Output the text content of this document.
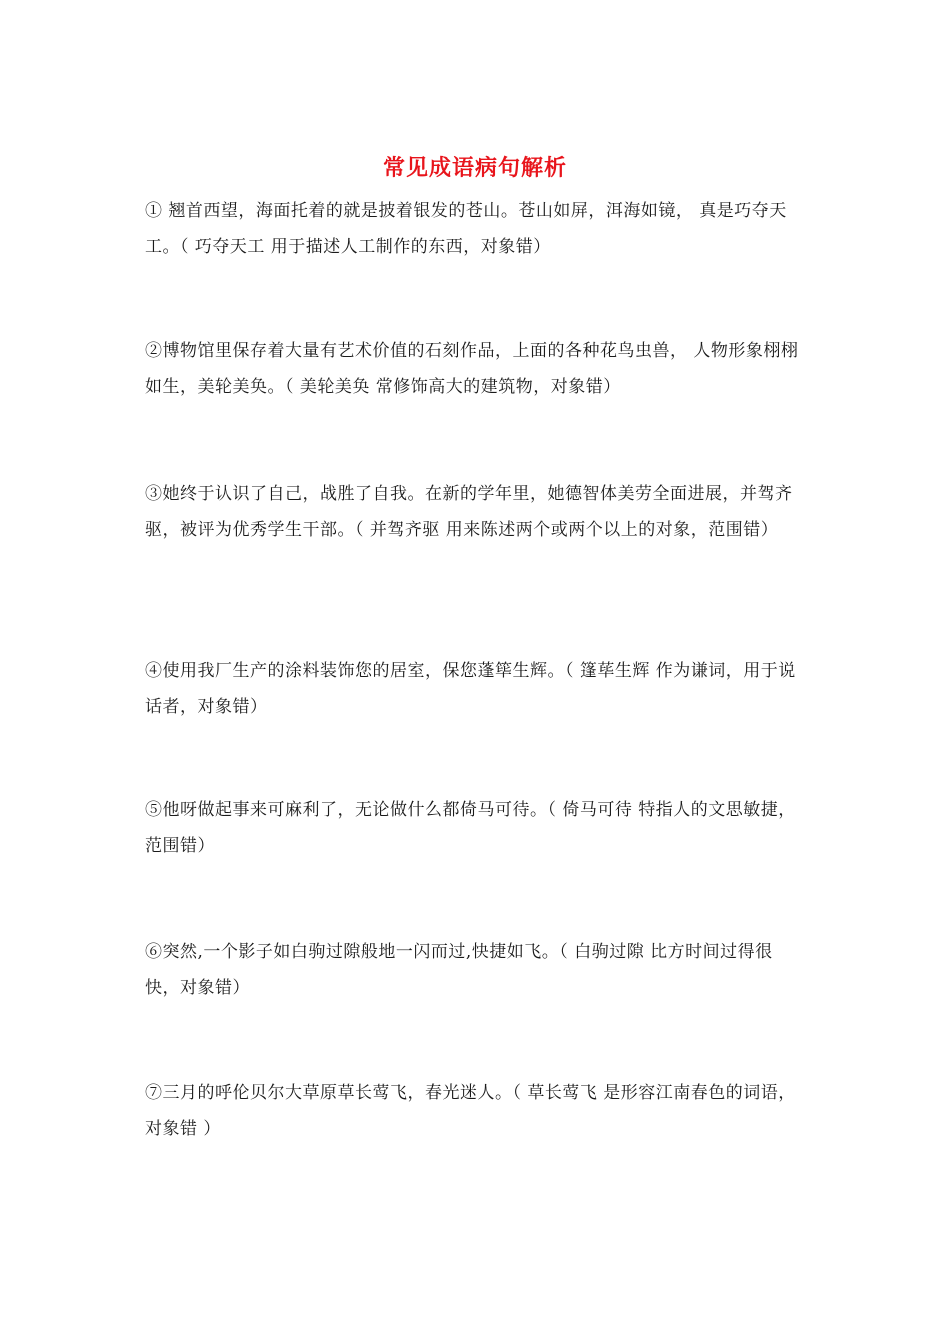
常见成语病句解析
① 翘首西望，海面托着的就是披着银发的苍山。苍山如屏，洱海如镜， 真是巧夺天工。（ 巧夺天工 用于描述人工制作的东西，对象错）
②博物馆里保存着大量有艺术价值的石刻作品，上面的各种花鸟虫兽， 人物形象栩栩如生，美轮美奂。（ 美轮美奂 常修饰高大的建筑物，对象错）
③她终于认识了自己，战胜了自我。在新的学年里，她德智体美劳全面进展，并驾齐驱，被评为优秀学生干部。（ 并驾齐驱 用来陈述两个或两个以上的对象，范围错）
④使用我厂生产的涂料装饰您的居室，保您蓬筚生辉。（ 篷荜生辉 作为谦词，用于说话者，对象错）
⑤他呀做起事来可麻利了，无论做什么都倚马可待。（ 倚马可待 特指人的文思敏捷，范围错）
⑥突然,一个影子如白驹过隙般地一闪而过,快捷如飞。（ 白驹过隙 比方时间过得很快，对象错）
⑦三月的呼伦贝尔大草原草长莺飞，春光迷人。（ 草长莺飞 是形容江南春色的词语，对象错 ）
